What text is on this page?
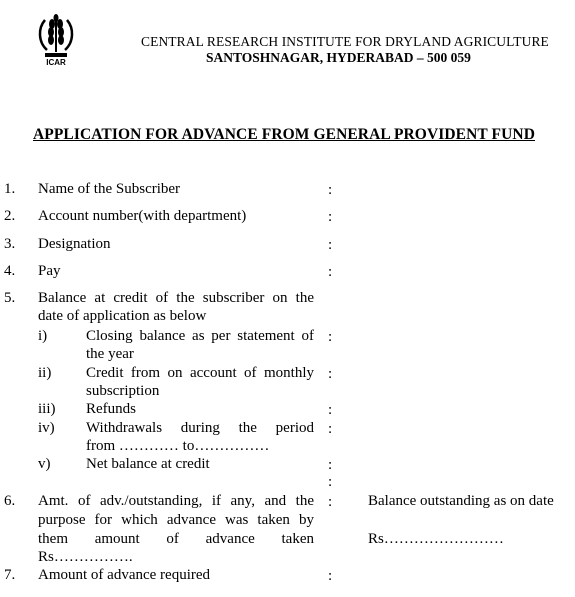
ICAR
CENTRAL RESEARCH INSTITUTE FOR DRYLAND AGRICULTURE
SANTOSHNAGAR, HYDERABAD – 500 059
APPLICATION FOR ADVANCE FROM GENERAL PROVIDENT FUND
1. Name of the Subscriber	:
2. Account number(with department)	:
3. Designation	:
4. Pay	:
5. Balance at credit of the subscriber on the
date of application as below
i)	Closing balance as per statement of
the year
:
ii) Credit from on account of monthly
subscription
:
iii) Refunds	:
iv) Withdrawals during the period
from ………… to……………
:
v) Net balance at credit	:
:
6. Amt. of adv./outstanding, if any, and the
purpose for which advance was taken by
them amount of advance taken
Rs…………….
: Balance outstanding as on date
Rs……………………
7. Amount of advance required	:
